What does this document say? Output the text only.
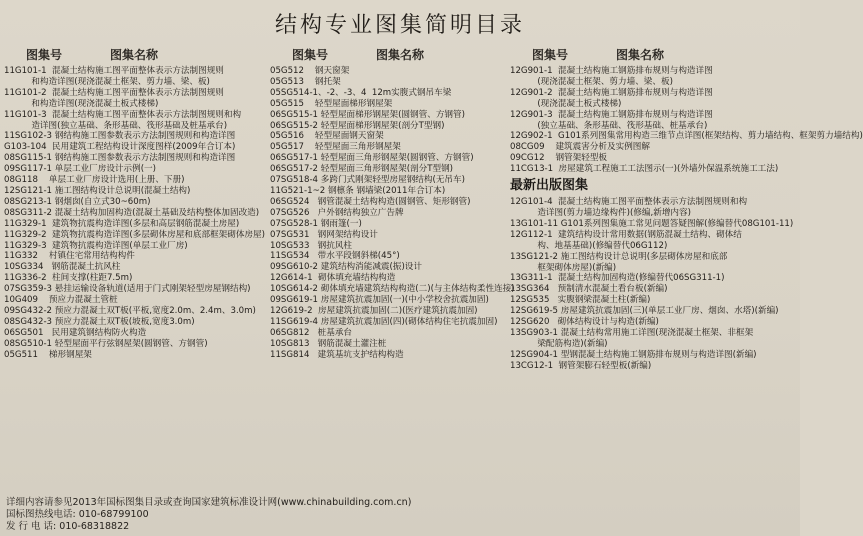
结构专业图集简明目录
图集号	图集名称
11G101-1  混凝土结构施工图平面整体表示方法制图规则
和构造详图(现浇混凝土框架、剪力墙、梁、板)
11G101-2  混凝土结构施工图平面整体表示方法制图规则
和构造详图(现浇混凝土板式楼梯)
11G101-3  混凝土结构施工图平面整体表示方法制图规则和构
造详图(独立基础、条形基础、筏形基础及桩基承台)
11SG102-3 钢结构施工图参数表示方法制图规则和构造详图
G103-104  民用建筑工程结构设计深度图样(2009年合订本)
08SG115-1 钢结构施工图参数表示方法制图规则和构造详图
09SG117-1 单层工业厂房设计示例(一)
08G118    单层工业厂房设计选用(上册、下册)
12SG121-1 施工图结构设计总说明(混凝土结构)
08SG213-1 钢烟囱(自立式30~60m)
08SG311-2 混凝土结构加固构造(混凝土基础及结构整体加固改造)
11G329-1  建筑物抗震构造详图(多层和高层钢筋混凝土房屋)
11G329-2  建筑物抗震构造详图(多层砌体房屋和底部框架砌体房屋)
11G329-3  建筑物抗震构造详图(单层工业厂房)
11G332    村镇住宅常用结构构件
10SG334   钢筋混凝土抗风柱
11G336-2  柱间支撑(柱距7.5m)
07SG359-3 悬挂运输设备轨道(适用于门式刚架轻型房屋钢结构)
10G409    预应力混凝土管桩
09SG432-2 预应力混凝土双T板(平板,宽度2.0m、2.4m、3.0m)
08SG432-3 预应力混凝土双T板(坡板,宽度3.0m)
06SG501   民用建筑钢结构防火构造
08SG510-1 轻型屋面平行弦钢屋架(圆钢管、方钢管)
05G511    梯形钢屋架
图集号	图集名称
05G512    钢天窗架
05G513    钢托架
05SG514-1、-2、-3、4  12m实腹式钢吊车梁
05G515    轻型屋面梯形钢屋架
06SG515-1 轻型屋面梯形钢屋架(圆钢管、方钢管)
06SG515-2 轻型屋面梯形钢屋架(剖分T型钢)
05G516    轻型屋面钢天窗架
05G517    轻型屋面三角形钢屋架
06SG517-1 轻型屋面三角形钢屋架(圆钢管、方钢管)
06SG517-2 轻型屋面三角形钢屋架(剖分T型钢)
07SG518-4 多跨门式刚架轻型房屋钢结构(无吊车)
11G521-1~2 钢檩条 钢墙梁(2011年合订本)
06SG524   钢管混凝土结构构造(圆钢管、矩形钢管)
07SG526   户外钢结构独立广告牌
07SG528-1 钢雨篷(一)
07SG531   钢网架结构设计
10SG533   钢抗风柱
11SG534   带水平段钢斜梯(45°)
09SG610-2 建筑结构消能减震(振)设计
12G614-1  砌体填充墙结构构造
10SG614-2 砌体填充墙建筑结构构造(二)(与主体结构柔性连接)
09SG619-1 房屋建筑抗震加固(一)(中小学校舍抗震加固)
12G619-2  房屋建筑抗震加固(二)(医疗建筑抗震加固)
11SG619-4 房屋建筑抗震加固(四)(砌体结构住宅抗震加固)
06SG812   桩基承台
10SG813   钢筋混凝土灌注桩
11SG814   建筑基坑支护结构构造
图集号	图集名称
12G901-1  混凝土结构施工钢筋排布规则与构造详图
(现浇混凝土框架、剪力墙、梁、板)
12G901-2  混凝土结构施工钢筋排布规则与构造详图
(现浇混凝土板式楼梯)
12G901-3  混凝土结构施工钢筋排布规则与构造详图
(独立基础、条形基础、筏形基础、桩基承台)
12G902-1  G101系列图集常用构造三维节点详图(框架结构、剪力墙结构、框架剪力墙结构)
08CG09    建筑震害分析及实例图解
09CG12    钢管架轻型板
11CG13-1  房屋建筑工程施工工法图示(一)(外墙外保温系统施工工法)
最新出版图集
12G101-4  混凝土结构施工图平面整体表示方法制图规则和构
造详图(剪力墙边缘构件)(修编,新增内容)
13G101-11 G101系列图集施工常见问题答疑图解(修编替代08G101-11)
12G112-1  建筑结构设计常用数据(钢筋混凝土结构、砌体结
构、地基基础)(修编替代06G112)
13SG121-2 施工图结构设计总说明(多层砌体房屋和底部
框架砌体房屋)(新编)
13G311-1  混凝土结构加固构造(修编替代06SG311-1)
13SG364   预制清水混凝土看台板(新编)
12SG535   实腹钢梁混凝土柱(新编)
12SG619-5 房屋建筑抗震加固(三)(单层工业厂房、烟囱、水塔)(新编)
12SG620   砌体结构设计与构造(新编)
13SG903-1 混凝土结构常用施工详图(现浇混凝土框架、非框架
梁配筋构造)(新编)
12SG904-1 型钢混凝土结构施工钢筋排布规则与构造详图(新编)
13CG12-1  钢管架膨石轻型板(新编)
详细内容请参见2013年国标图集目录或查询国家建筑标准设计网(www.chinabuilding.com.cn)
国标图热线电话: 010-68799100
发 行 电 话: 010-68318822
